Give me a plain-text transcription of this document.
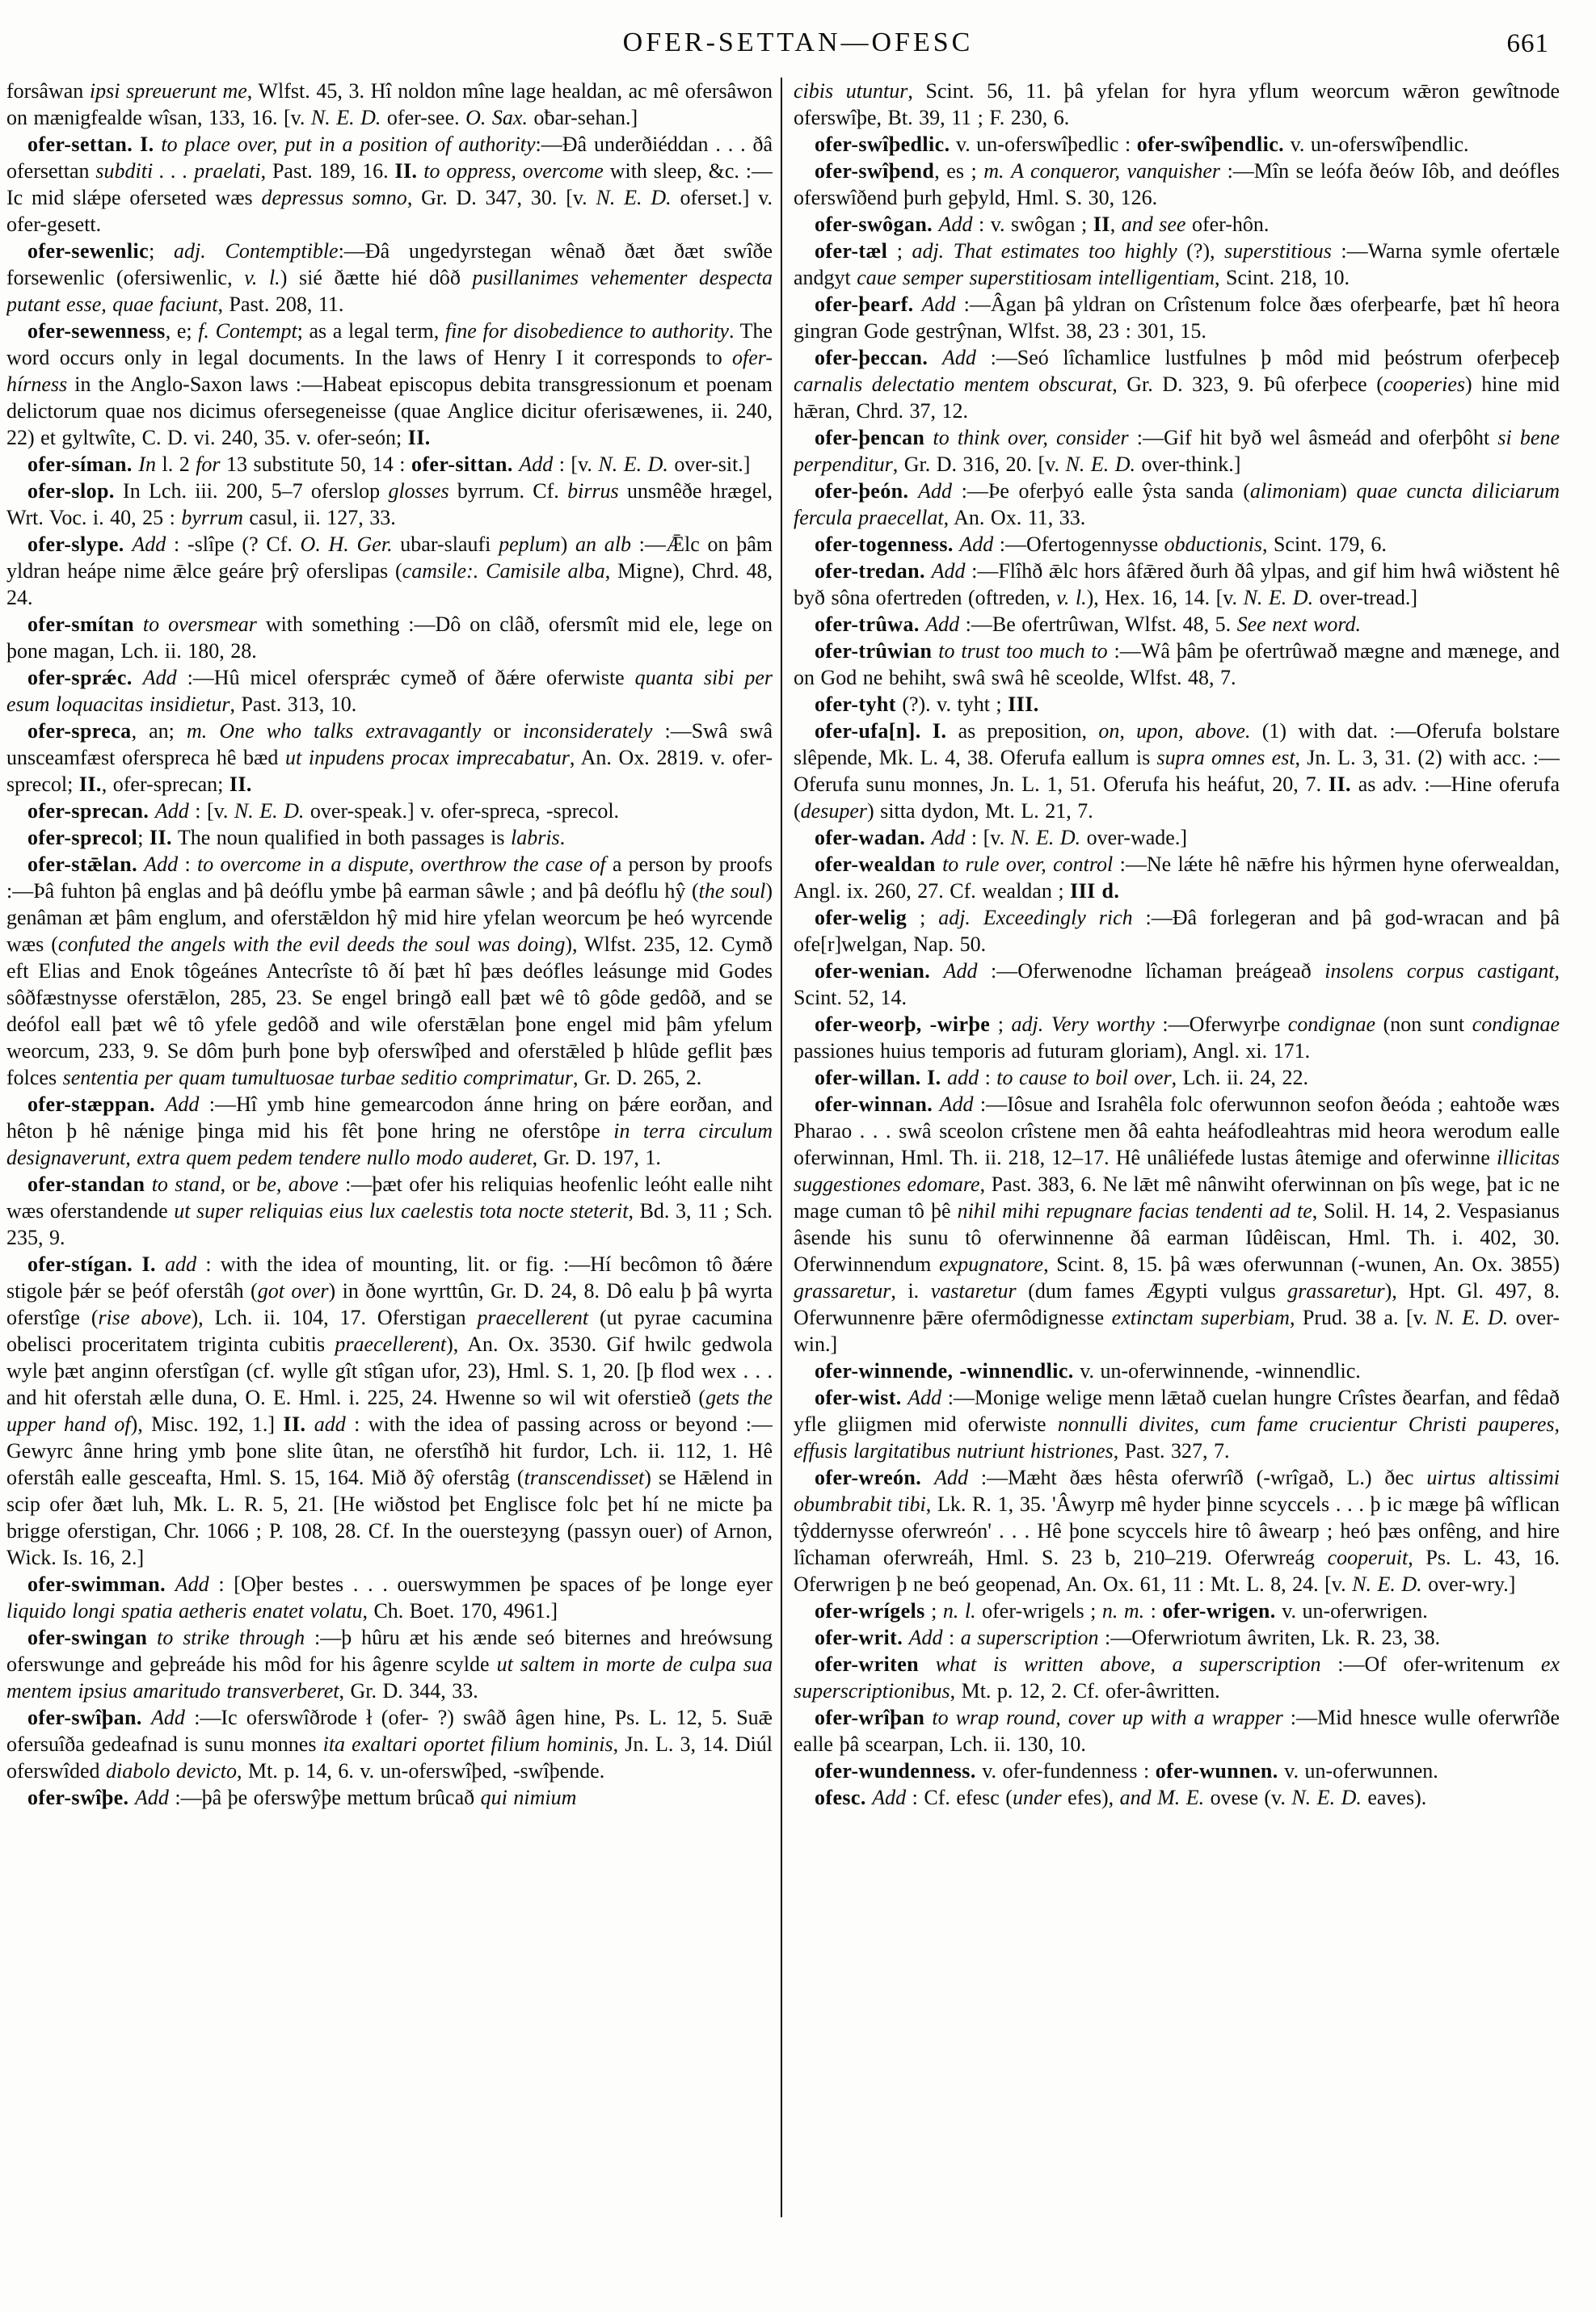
OFER-SETTAN—OFESC	661

forsâwan ipsi spreuerunt me, Wlfst. 45, 3. Hî noldon mîne lage healdan, ac mê ofersâwon on mænigfealde wîsan, 133, 16. [v. N. E. D. ofer-see. O. Sax. oƀar-sehan.]

ofer-settan. I. to place over, put in a position of authority:—Ðâ underðiéddan . . . ðâ ofersettan subditi . . . praelati, Past. 189, 16. II. to oppress, overcome with sleep, &c. :—Ic mid slǽpe oferseted wæs depressus somno, Gr. D. 347, 30. [v. N. E. D. oferset.] v. ofer-gesett.

ofer-sewenlic; adj. Contemptible:—Ðâ ungedyrstegan wênað ðæt ðæt swîðe forsewenlic (ofersiwenlic, v. l.) sié ðætte hié dôð pusillanimes vehementer despecta putant esse, quae faciunt, Past. 208, 11.

ofer-sewenness, e; f. Contempt; as a legal term, fine for disobedience to authority. The word occurs only in legal documents. In the laws of Henry I it corresponds to ofer-hírness in the Anglo-Saxon laws :—Habeat episcopus debita transgressionum et poenam delictorum quae nos dicimus ofersegeneisse (quae Anglice dicitur oferisæwenes, ii. 240, 22) et gyltwîte, C. D. vi. 240, 35. v. ofer-seón; II.

ofer-síman. In l. 2 for 13 substitute 50, 14 : ofer-sittan. Add : [v. N. E. D. over-sit.]

ofer-slop. In Lch. iii. 200, 5–7 oferslop glosses byrrum. Cf. birrus unsmêðe hrægel, Wrt. Voc. i. 40, 25 : byrrum casul, ii. 127, 33.

ofer-slype. Add : -slîpe (? Cf. O. H. Ger. ubar-slaufi peplum) an alb :—Ǣlc on þâm yldran heápe nime ǣlce geáre þrŷ oferslipas (camsile:. Camisile alba, Migne), Chrd. 48, 24.

ofer-smítan to oversmear with something :—Dô on clâð, ofersmît mid ele, lege on þone magan, Lch. ii. 180, 28.

ofer-sprǽc. Add :—Hû micel ofersprǽc cymeð of ðǽre oferwiste quanta sibi per esum loquacitas insidietur, Past. 313, 10.

ofer-spreca, an; m. One who talks extravagantly or inconsiderately :—Swâ swâ unsceamfæst oferspreca hê bæd ut inpudens procax imprecabatur, An. Ox. 2819. v. ofer-sprecol; II., ofer-sprecan; II.

ofer-sprecan. Add : [v. N. E. D. over-speak.] v. ofer-spreca, -sprecol.

ofer-sprecol; II. The noun qualified in both passages is labris.

ofer-stǣlan. Add : to overcome in a dispute, overthrow the case of a person by proofs :—Þâ fuhton þâ englas and þâ deóflu ymbe þâ earman sâwle ; and þâ deóflu hŷ (the soul) genâman æt þâm englum, and oferstǣldon hŷ mid hire yfelan weorcum þe heó wyrcende wæs (confuted the angels with the evil deeds the soul was doing), Wlfst. 235, 12. Cymð eft Elias and Enok tôgeánes Antecrîste tô ðí þæt hî þæs deófles leásunge mid Godes sôðfæstnysse oferstǣlon, 285, 23. Se engel bringð eall þæt wê tô gôde gedôð, and se deófol eall þæt wê tô yfele gedôð and wile oferstǣlan þone engel mid þâm yfelum weorcum, 233, 9. Se dôm þurh þone byþ oferswîþed and oferstǣled þ hlûde geflit þæs folces sententia per quam tumultuosae turbae seditio comprimatur, Gr. D. 265, 2.

ofer-stæppan. Add :—Hî ymb hine gemearcodon ánne hring on þǽre eorðan, and hêton þ hê nǽnige þinga mid his fêt þone hring ne oferstôpe in terra circulum designaverunt, extra quem pedem tendere nullo modo auderet, Gr. D. 197, 1.

ofer-standan to stand, or be, above :—þæt ofer his reliquias heofenlic leóht ealle niht wæs oferstandende ut super reliquias eius lux caelestis tota nocte steterit, Bd. 3, 11 ; Sch. 235, 9.

ofer-stígan. I. add : with the idea of mounting, lit. or fig. :—Hí becômon tô ðǽre stigole þǽr se þeóf oferstâh (got over) in ðone wyrttûn, Gr. D. 24, 8. Dô ealu þ þâ wyrta oferstîge (rise above), Lch. ii. 104, 17. Oferstigan praecellerent (ut pyrae cacumina obelisci proceritatem triginta cubitis praecellerent), An. Ox. 3530. Gif hwilc gedwola wyle þæt anginn oferstîgan (cf. wylle gît stîgan ufor, 23), Hml. S. 1, 20. [þ flod wex . . . and hit oferstah ælle duna, O. E. Hml. i. 225, 24. Hwenne so wil wit oferstieð (gets the upper hand of), Misc. 192, 1.] II. add : with the idea of passing across or beyond :—Gewyrc ânne hring ymb þone slite ûtan, ne oferstîhð hit furdor, Lch. ii. 112, 1. Hê oferstâh ealle gesceafta, Hml. S. 15, 164. Mið ðŷ oferstâg (transcendisset) se Hǣlend in scip ofer ðæt luh, Mk. L. R. 5, 21. [He wiðstod þet Englisce folc þet hí ne micte þa brigge oferstigan, Chr. 1066 ; P. 108, 28. Cf. In the ouersteȝyng (passyn ouer) of Arnon, Wick. Is. 16, 2.]

ofer-swimman. Add : [Oþer bestes . . . ouerswymmen þe spaces of þe longe eyer liquido longi spatia aetheris enatet volatu, Ch. Boet. 170, 4961.]

ofer-swingan to strike through :—þ hûru æt his ænde seó biternes and hreówsung oferswunge and geþreáde his môd for his âgenre scylde ut saltem in morte de culpa sua mentem ipsius amaritudo transverberet, Gr. D. 344, 33.

ofer-swîþan. Add :—Ic oferswîðrode ł (ofer- ?) swâð âgen hine, Ps. L. 12, 5. Suǣ ofersuîða gedeafnad is sunu monnes ita exaltari oportet filium hominis, Jn. L. 3, 14. Diúl oferswîded diabolo devicto, Mt. p. 14, 6. v. un-oferswîþed, -swîþende.

ofer-swîþe. Add :—þâ þe oferswŷþe mettum brûcað qui nimium

cibis utuntur, Scint. 56, 11. þâ yfelan for hyra yflum weorcum wǣron gewîtnode oferswîþe, Bt. 39, 11 ; F. 230, 6.

ofer-swîþedlic. v. un-oferswîþedlic : ofer-swîþendlic. v. un-oferswîþendlic.

ofer-swîþend, es ; m. A conqueror, vanquisher :—Mîn se leófa ðeów Iôb, and deófles oferswîðend þurh geþyld, Hml. S. 30, 126.

ofer-swôgan. Add : v. swôgan ; II, and see ofer-hôn.

ofer-tæl ; adj. That estimates too highly (?), superstitious :—Warna symle ofertæle andgyt caue semper superstitiosam intelligentiam, Scint. 218, 10.

ofer-þearf. Add :—Âgan þâ yldran on Crîstenum folce ðæs oferþearfe, þæt hî heora gingran Gode gestrŷnan, Wlfst. 38, 23 : 301, 15.

ofer-þeccan. Add :—Seó lîchamlice lustfulnes þ môd mid þeóstrum oferþeceþ carnalis delectatio mentem obscurat, Gr. D. 323, 9. Þû oferþece (cooperies) hine mid hǣran, Chrd. 37, 12.

ofer-þencan to think over, consider :—Gif hit byð wel âsmeád and oferþôht si bene perpenditur, Gr. D. 316, 20. [v. N. E. D. over-think.]

ofer-þeón. Add :—Þe oferþyó ealle ŷsta sanda (alimoniam) quae cuncta diliciarum fercula praecellat, An. Ox. 11, 33.

ofer-togenness. Add :—Ofertogennysse obductionis, Scint. 179, 6.

ofer-tredan. Add :—Flîhð ǣlc hors âfǣred ðurh ðâ ylpas, and gif him hwâ wiðstent hê byð sôna ofertreden (oftreden, v. l.), Hex. 16, 14. [v. N. E. D. over-tread.]

ofer-trûwa. Add :—Be ofertrûwan, Wlfst. 48, 5. See next word.

ofer-trûwian to trust too much to :—Wâ þâm þe ofertrûwað mægne and mænege, and on God ne behiht, swâ swâ hê sceolde, Wlfst. 48, 7.

ofer-tyht (?). v. tyht ; III.

ofer-ufa[n]. I. as preposition, on, upon, above. (1) with dat. :—Oferufa bolstare slêpende, Mk. L. 4, 38. Oferufa eallum is supra omnes est, Jn. L. 3, 31. (2) with acc. :—Oferufa sunu monnes, Jn. L. 1, 51. Oferufa his heáfut, 20, 7. II. as adv. :—Hine oferufa (desuper) sitta dydon, Mt. L. 21, 7.

ofer-wadan. Add : [v. N. E. D. over-wade.]

ofer-wealdan to rule over, control :—Ne lǽte hê nǣfre his hŷrmen hyne oferwealdan, Angl. ix. 260, 27. Cf. wealdan ; III d.

ofer-welig ; adj. Exceedingly rich :—Ðâ forlegeran and þâ god-wracan and þâ ofe[r]welgan, Nap. 50.

ofer-wenian. Add :—Oferwenodne lîchaman þreágeað insolens corpus castigant, Scint. 52, 14.

ofer-weorþ, -wirþe ; adj. Very worthy :—Oferwyrþe condignae (non sunt condignae passiones huius temporis ad futuram gloriam), Angl. xi. 171.

ofer-willan. I. add : to cause to boil over, Lch. ii. 24, 22.

ofer-winnan. Add :—Iôsue and Israhêla folc oferwunnon seofon ðeóda ; eahtoðe wæs Pharao . . . swâ sceolon crîstene men ðâ eahta heáfodleahtras mid heora werodum ealle oferwinnan, Hml. Th. ii. 218, 12–17. Hê unâliéfede lustas âtemige and oferwinne illicitas suggestiones edomare, Past. 383, 6. Ne lǣt mê nânwiht oferwinnan on þîs wege, þat ic ne mage cuman tô þê nihil mihi repugnare facias tendenti ad te, Solil. H. 14, 2. Vespasianus âsende his sunu tô oferwinnenne ðâ earman Iûdêiscan, Hml. Th. i. 402, 30. Oferwinnendum expugnatore, Scint. 8, 15. þâ wæs oferwunnan (-wunen, An. Ox. 3855) grassaretur, i. vastaretur (dum fames Ægypti vulgus grassaretur), Hpt. Gl. 497, 8. Oferwunnenre þǣre ofermôdignesse extinctam superbiam, Prud. 38 a. [v. N. E. D. over-win.]

ofer-winnende, -winnendlic. v. un-oferwinnende, -winnendlic.

ofer-wist. Add :—Monige welige menn lǣtað cuelan hungre Crîstes ðearfan, and fêdað yfle gliigmen mid oferwiste nonnulli divites, cum fame crucientur Christi pauperes, effusis largitatibus nutriunt histriones, Past. 327, 7.

ofer-wreón. Add :—Mæht ðæs hêsta oferwrîð (-wrîgað, L.) ðec uirtus altissimi obumbrabit tibi, Lk. R. 1, 35. 'Âwyrp mê hyder þinne scyccels . . . þ ic mæge þâ wîflican tŷddernysse oferwreón' . . . Hê þone scyccels hire tô âwearp ; heó þæs onfêng, and hire lîchaman oferwreáh, Hml. S. 23 b, 210–219. Oferwreág cooperuit, Ps. L. 43, 16. Oferwrigen þ ne beó geopenad, An. Ox. 61, 11 : Mt. L. 8, 24. [v. N. E. D. over-wry.]

ofer-wrígels ; n. l. ofer-wrigels ; n. m. : ofer-wrigen. v. un-oferwrigen.

ofer-writ. Add : a superscription :—Oferwriotum âwriten, Lk. R. 23, 38.

ofer-writen what is written above, a superscription :—Of ofer-writenum ex superscriptionibus, Mt. p. 12, 2. Cf. ofer-âwritten.

ofer-wrîþan to wrap round, cover up with a wrapper :—Mid hnesce wulle oferwrîðe ealle þâ scearpan, Lch. ii. 130, 10.

ofer-wundenness. v. ofer-fundenness : ofer-wunnen. v. un-oferwunnen.

ofesc. Add : Cf. efesc (under efes), and M. E. ovese (v. N. E. D. eaves).
